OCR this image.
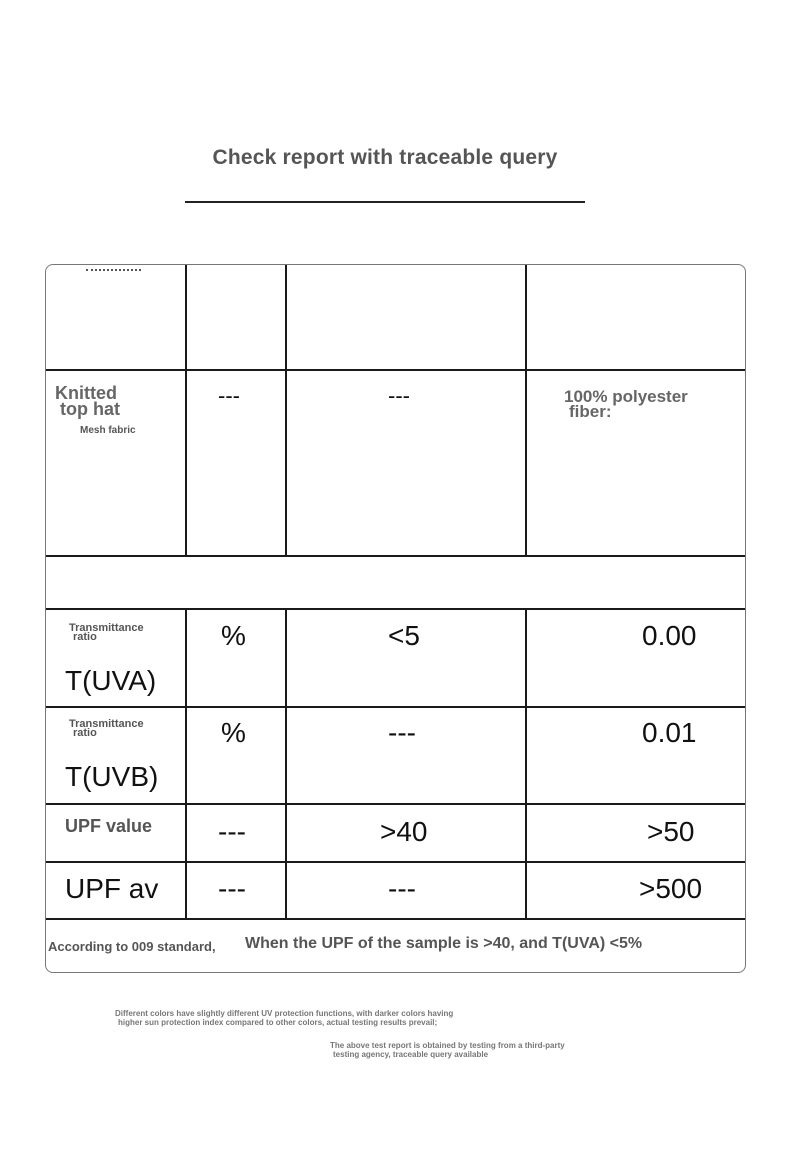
Check report with traceable query
Knitted
top hat
Mesh fabric
---	---	100% polyester
fiber:
Transmittance
ratio
T(UVA)
%	<5	0.00
Transmittance
ratio
T(UVB)
%	---	0.01
UPF value ---	>40	>50
UPF av ---	---	>500
According to 009 standard, When the UPF of the sample is >40, and T(UVA) <5%
Different colors have slightly different UV protection functions, with darker colors having
higher sun protection index compared to other colors, actual testing results prevail;
The above test report is obtained by testing from a third-party
testing agency, traceable query available
